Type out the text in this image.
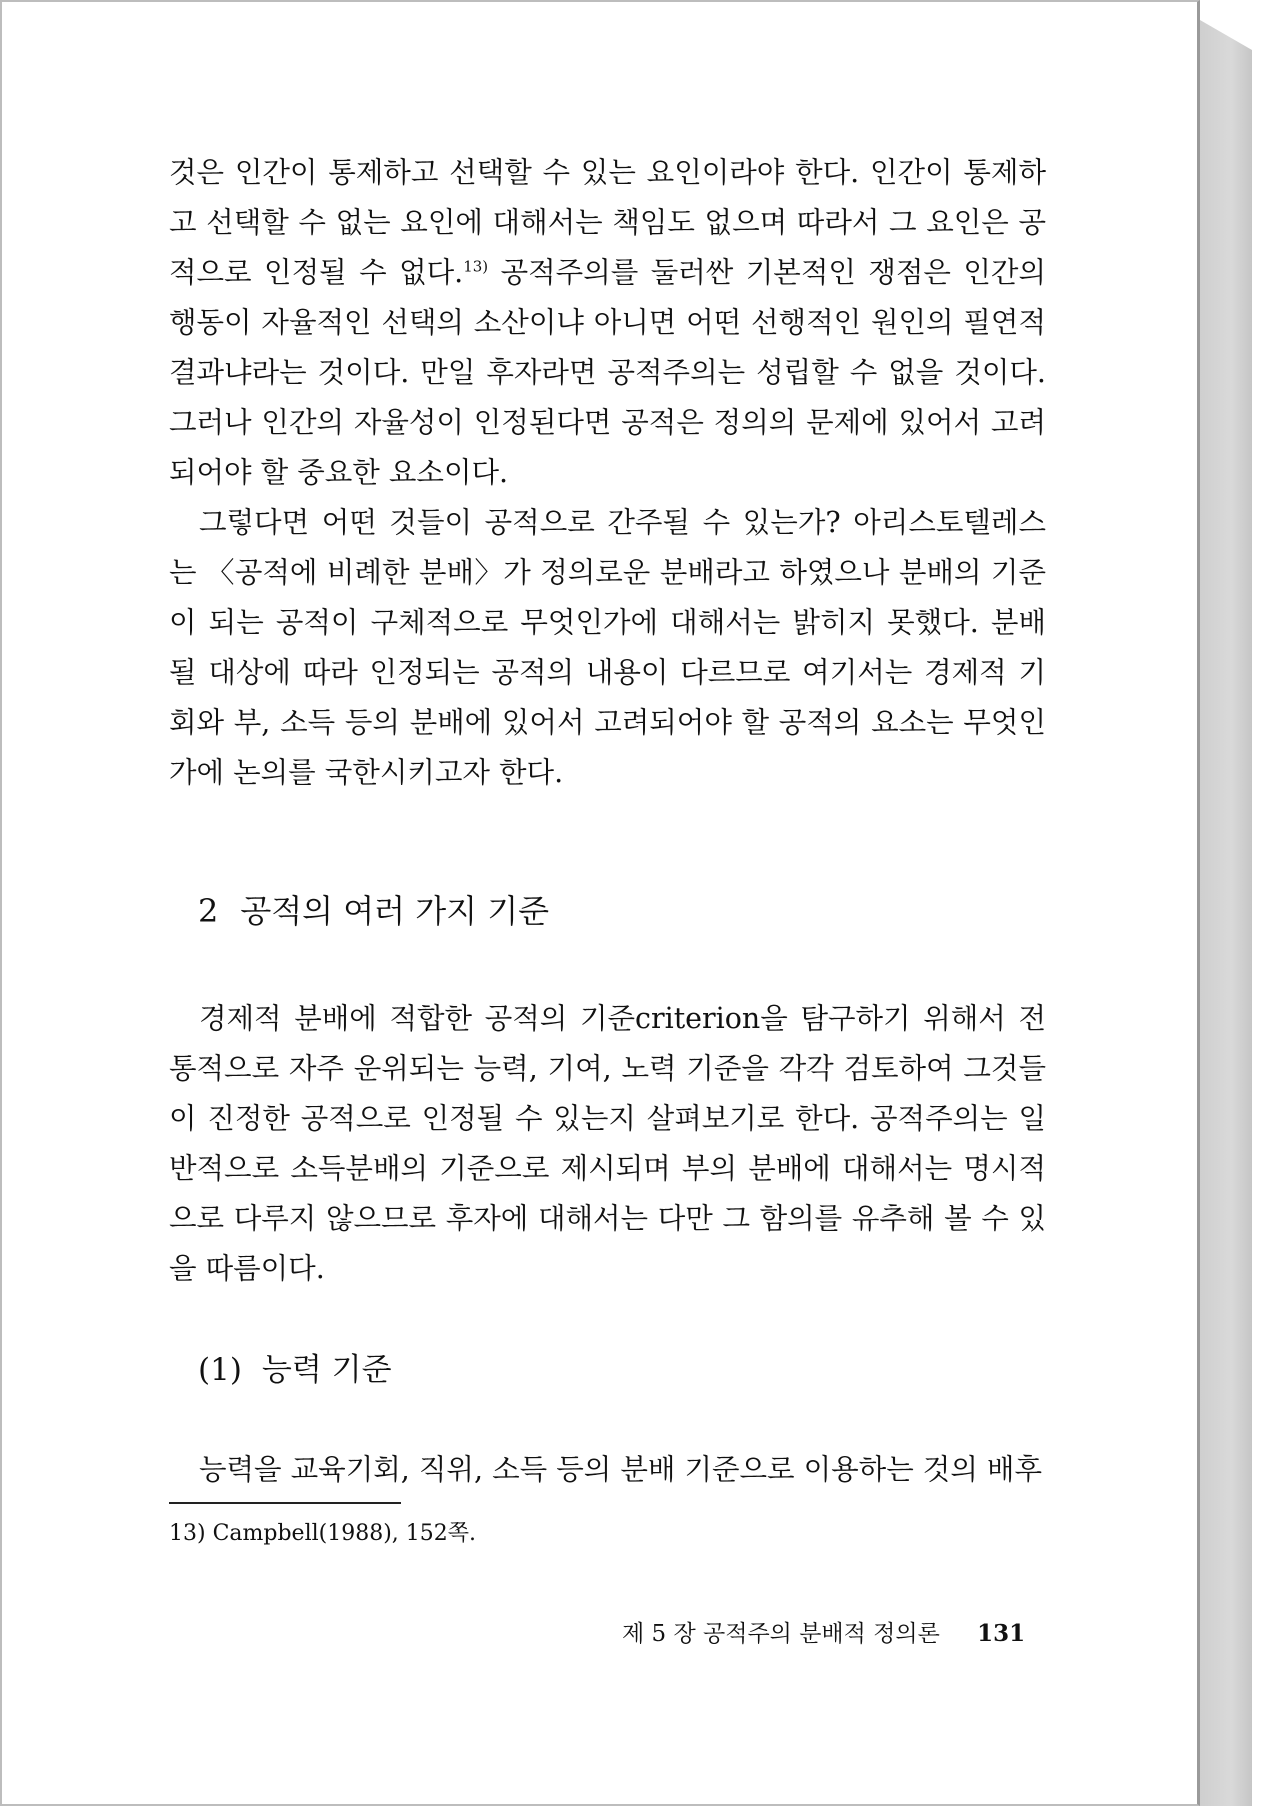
것은 인간이 통제하고 선택할 수 있는 요인이라야 한다. 인간이 통제하고 선택할 수 없는 요인에 대해서는 책임도 없으며 따라서 그 요인은 공적으로 인정될 수 없다.$^{13)}$ 공적주의를 둘러싼 기본적인 쟁점은 인간의 행동이 자율적인 선택의 소산이냐 아니면 어떤 선행적인 원인의 필연적 결과냐라는 것이다. 만일 후자라면 공적주의는 성립할 수 없을 것이다. 그러나 인간의 자율성이 인정된다면 공적은 정의의 문제에 있어서 고려되어야 할 중요한 요소이다.

그렇다면 어떤 것들이 공적으로 간주될 수 있는가? 아리스토텔레스는 〈공적에 비례한 분배〉가 정의로운 분배라고 하였으나 분배의 기준이 되는 공적이 구체적으로 무엇인가에 대해서는 밝히지 못했다. 분배될 대상에 따라 인정되는 공적의 내용이 다르므로 여기서는 경제적 기회와 부, 소득 등의 분배에 있어서 고려되어야 할 공적의 요소는 무엇인가에 논의를 국한시키고자 한다.

2 공적의 여러 가지 기준

경제적 분배에 적합한 공적의 기준criterion을 탐구하기 위해서 전통적으로 자주 운위되는 능력, 기여, 노력 기준을 각각 검토하여 그것들이 진정한 공적으로 인정될 수 있는지 살펴보기로 한다. 공적주의는 일반적으로 소득분배의 기준으로 제시되며 부의 분배에 대해서는 명시적으로 다루지 않으므로 후자에 대해서는 다만 그 함의를 유추해 볼 수 있을 따름이다.

(1) 능력 기준

능력을 교육기회, 직위, 소득 등의 분배 기준으로 이용하는 것의 배후

13) Campbell(1988), 152쪽.
제 5 장 공적주의 분배적 정의론 131
